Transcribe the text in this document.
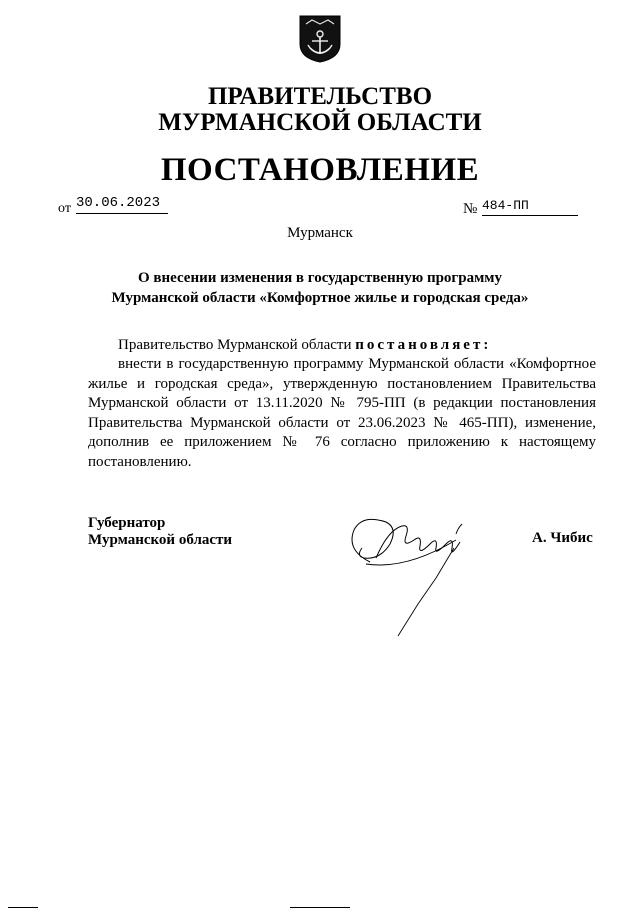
ПРАВИТЕЛЬСТВО
МУРМАНСКОЙ ОБЛАСТИ
ПОСТАНОВЛЕНИЕ
от 30.06.2023	№ 484-ПП
Мурманск
О внесении изменения в государственную программу
Мурманской области «Комфортное жилье и городская среда»
Правительство Мурманской области постановляет:
внести в государственную программу Мурманской области «Комфортное жилье и городская среда», утвержденную постановлением Правительства Мурманской области от 13.11.2020 № 795-ПП (в редакции постановления Правительства Мурманской области от 23.06.2023 № 465-ПП), изменение, дополнив ее приложением № 76 согласно приложению к настоящему постановлению.
Губернатор
Мурманской области	А. Чибис
